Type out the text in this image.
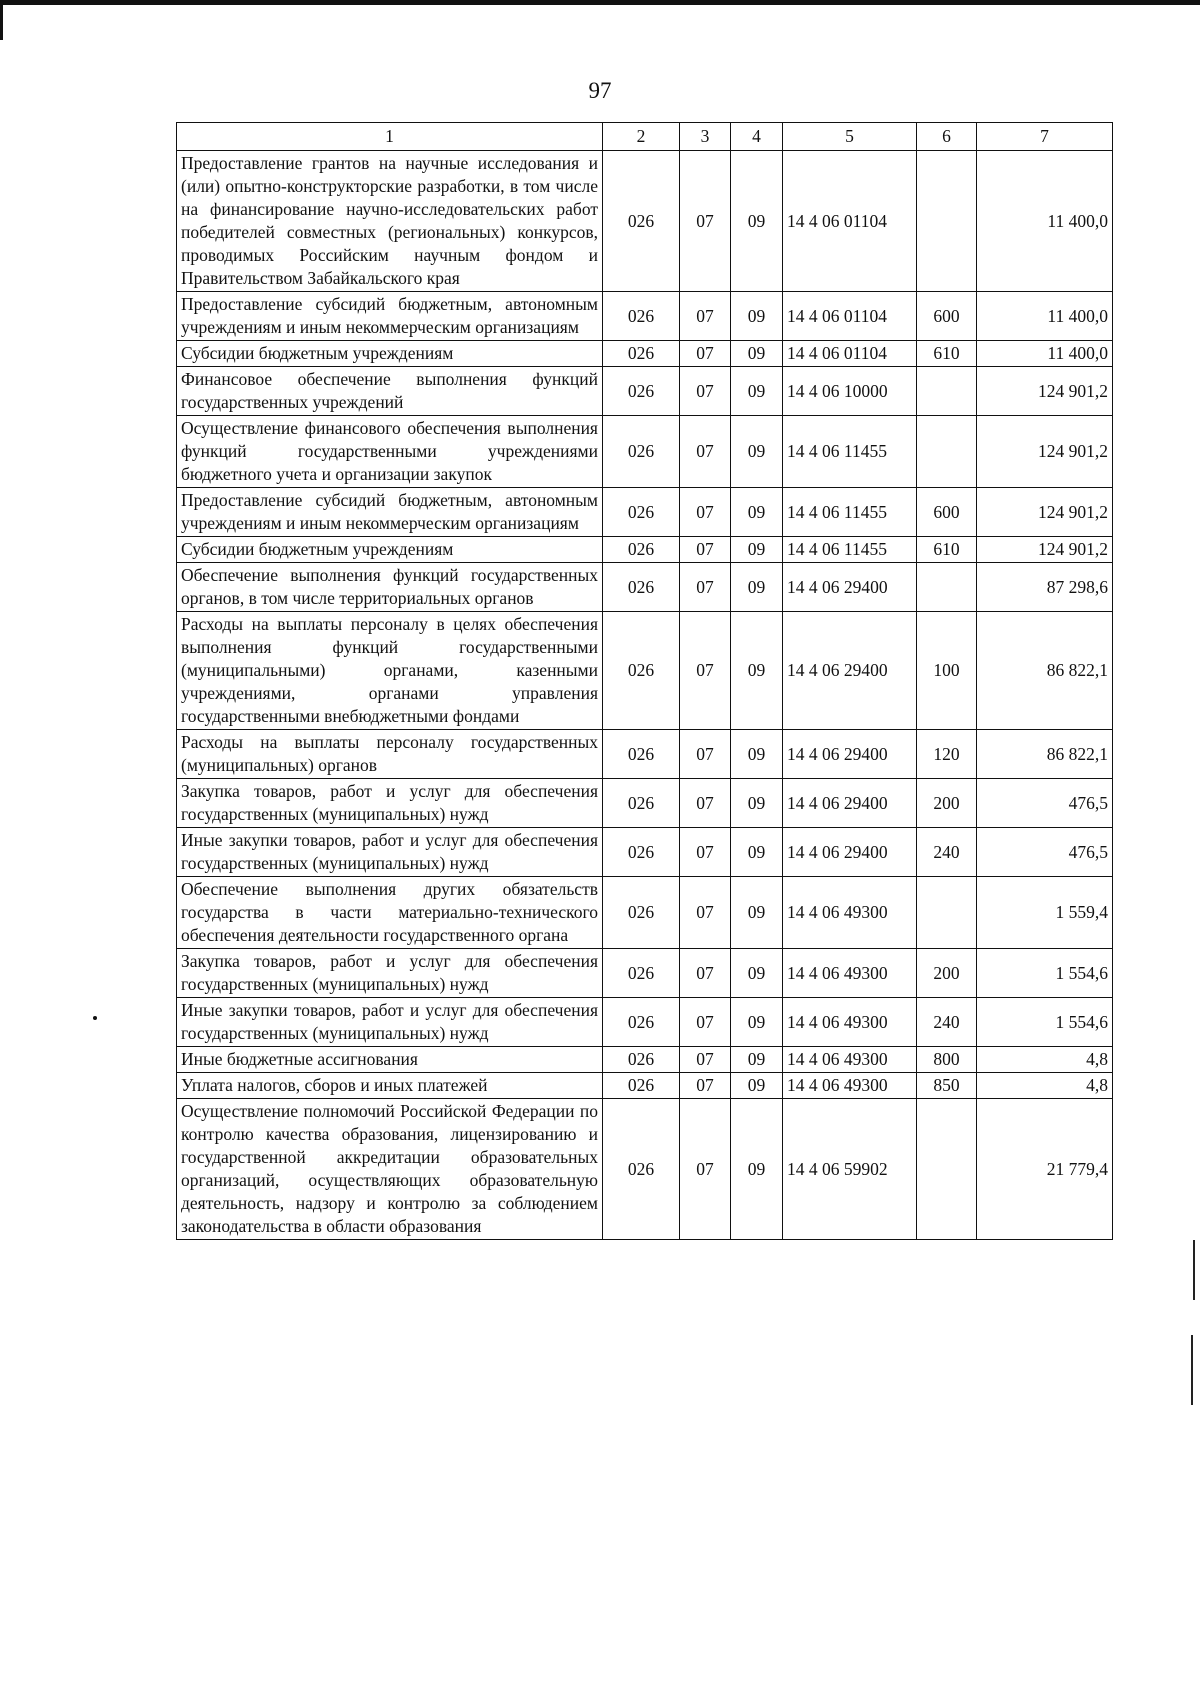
97
1	2	3	4	5	6	7
Предоставление грантов на научные исследования и (или) опытно-конструкторские разработки, в том числе на финансирование научно-исследовательских работ победителей совместных (региональных) конкурсов, проводимых Российским научным фондом и Правительством Забайкальского края	026	07	09	14 4 06 01104		11 400,0
Предоставление субсидий бюджетным, автономным учреждениям и иным некоммерческим организациям	026	07	09	14 4 06 01104	600	11 400,0
Субсидии бюджетным учреждениям	026	07	09	14 4 06 01104	610	11 400,0
Финансовое обеспечение выполнения функций государственных учреждений	026	07	09	14 4 06 10000		124 901,2
Осуществление финансового обеспечения выполнения функций государственными учреждениями бюджетного учета и организации закупок	026	07	09	14 4 06 11455		124 901,2
Предоставление субсидий бюджетным, автономным учреждениям и иным некоммерческим организациям	026	07	09	14 4 06 11455	600	124 901,2
Субсидии бюджетным учреждениям	026	07	09	14 4 06 11455	610	124 901,2
Обеспечение выполнения функций государственных органов, в том числе территориальных органов	026	07	09	14 4 06 29400		87 298,6
Расходы на выплаты персоналу в целях обеспечения выполнения функций государственными (муниципальными) органами, казенными учреждениями, органами управления государственными внебюджетными фондами	026	07	09	14 4 06 29400	100	86 822,1
Расходы на выплаты персоналу государственных (муниципальных) органов	026	07	09	14 4 06 29400	120	86 822,1
Закупка товаров, работ и услуг для обеспечения государственных (муниципальных) нужд	026	07	09	14 4 06 29400	200	476,5
Иные закупки товаров, работ и услуг для обеспечения государственных (муниципальных) нужд	026	07	09	14 4 06 29400	240	476,5
Обеспечение выполнения других обязательств государства в части материально-технического обеспечения деятельности государственного органа	026	07	09	14 4 06 49300		1 559,4
Закупка товаров, работ и услуг для обеспечения государственных (муниципальных) нужд	026	07	09	14 4 06 49300	200	1 554,6
Иные закупки товаров, работ и услуг для обеспечения государственных (муниципальных) нужд	026	07	09	14 4 06 49300	240	1 554,6
Иные бюджетные ассигнования	026	07	09	14 4 06 49300	800	4,8
Уплата налогов, сборов и иных платежей	026	07	09	14 4 06 49300	850	4,8
Осуществление полномочий Российской Федерации по контролю качества образования, лицензированию и государственной аккредитации образовательных организаций, осуществляющих образовательную деятельность, надзору и контролю за соблюдением законодательства в области образования	026	07	09	14 4 06 59902		21 779,4
